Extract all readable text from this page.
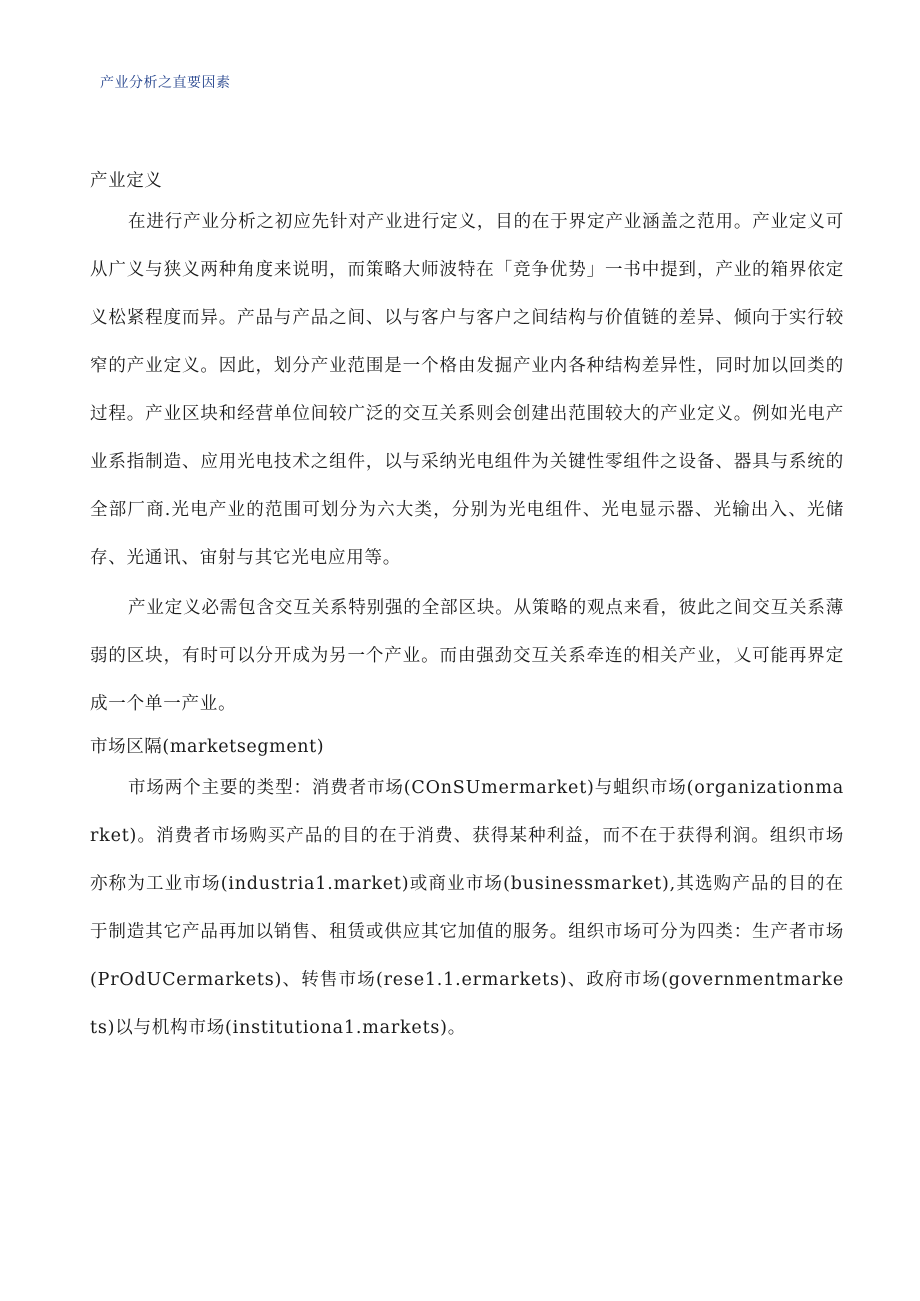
产业分析之直要因素

产业定义

在进行产业分析之初应先针对产业进行定义，目的在于界定产业涵盖之范用。产业定义可从广义与狭义两种角度来说明，而策略大师波特在「竞争优势」一书中提到，产业的箱界依定义松紧程度而异。产品与产品之间、以与客户与客户之间结构与价值链的差异、倾向于实行较窄的产业定义。因此，划分产业范围是一个格由发掘产业内各种结构差异性，同时加以回类的过程。产业区块和经营单位间较广泛的交互关系则会创建出范围较大的产业定义。例如光电产业系指制造、应用光电技术之组件，以与采纳光电组件为关键性零组件之设备、器具与系统的全部厂商.光电产业的范围可划分为六大类，分别为光电组件、光电显示器、光输出入、光储存、光通讯、宙射与其它光电应用等。

产业定义必需包含交互关系特别强的全部区块。从策略的观点来看，彼此之间交互关系薄弱的区块，有时可以分开成为另一个产业。而由强劲交互关系牵连的相关产业，乂可能再界定成一个单一产业。

市场区隔(marketsegment)

市场两个主要的类型：消费者市场(COnSUmermarket)与蛆织市场(organizationmarket)。消费者市场购买产品的目的在于消费、获得某种利益，而不在于获得利润。组织市场亦称为工业市场(industria1.market)或商业市场(businessmarket),其选购产品的目的在于制造其它产品再加以销售、租赁或供应其它加值的服务。组织市场可分为四类：生产者市场(PrOdUCermarkets)、转售市场(rese1.1.ermarkets)、政府市场(governmentmarkets)以与机构市场(institutiona1.markets)。
